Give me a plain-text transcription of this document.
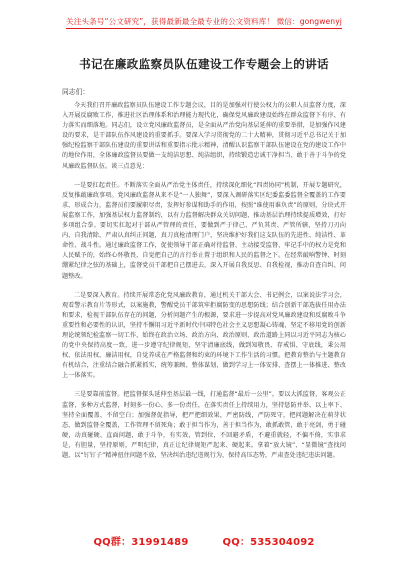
关注头条号“公文研究”，获得最新最全最专业的公文资料库！ 微信：gongwenyj
书记在廉政监察员队伍建设工作专题会上的讲话
同志们：

今天我们召开廉政监察员队伍建设工作专题会议，目的是加强对行使公权力的公职人员监督力度，深入开展反腐败工作，推进社区治理体系和治理能力现代化，确保党风廉政建设始终在群众监督下有序、有力落实而细落地。同志们，设立党风廉政监督员，是全面从严治党向基层延伸的重要举措，是加强作风建设的要求，是干部队伍作风建设的重要抓手。要深入学习贯彻党的二十大精神，贯彻习近平总书记关于加强纪检监察干部队伍建设的重要讲话和重要指示批示精神，清醒认识监察干部队伍建设在党的建设工作中的地位作用，全体廉政监督员要做一支纯洁思想、纯洁组织，持续锻造忠诚干净担当、敢于善于斗争的党风廉政监督队伍。谈三点意见：

一是要扛起责任。不断落实全面从严治党主体责任，持续深化细化“四责协同”机制，开展专题研究，反复推敲廉政事项。党风廉政监督从来不是“一人独舞”，要深入调研落实区纪委监委监督全覆盖的工作要求，形成合力，监督员们要履职尽责，发挥好参谋和助手的作用，按照“谁使用谁负责”的原则，分块式开展监察工作，加强基层权力监督制约，以有力监督解决群众关切问题，推动基层治理持续提质增效，打好多项组合拳。要切实扛起对于部从严管理的责任，要做到严于律己、严负其责、严管所辖，坚持刀刃向内、自我清除、严肃认真纠正问题，真刀真枪清理门户，坚决维护好我们这支队伍的先进性、纯洁性、革命性、战斗性。通过廉政监督工作，促使领导干部正确对待监督、主动接受监督，牢记手中的权力是党和人民赋予的，始终心怀敬畏，自觉把自己的言行举止置于组织和人民的监督之下。在经常敲响警钟、时刻绷紧纪律之弦的基础上，监督党员干部把自己摆进去，深入开展自我反思、自我检视，推动自查自纠、问题整改。

二是要深入教育。持续开展常态化党风廉政教育，通过机关干部大会、书记例会，以案说法学习会，观看警示教育片等形式，以案施教，警醒党员干部筑牢拒腐防变的思想防线；结合创新干部选拔任用办法和要求，检视干部队伍存在的问题，分析问题产生的根源，要求进一步提高对党风廉政建设和反腐败斗争重要性和必要性的认识，坚持不懈用习近平新时代中国特色社会主义思想凝心铸魂，坚定不移用党的创新理论统领纪检监察一切工作，始终在政治立场、政治方向、政治原则、政治道路上同以习近平同志为核心的党中央保持高度一致，进一步遵守纪律规矩，坚守清廉底线，做到知敬畏、存戒惧、守底线，秉公用权、依法用权、廉洁用权，自觉养成在严格监督和约束的环境下工作生活的习惯。把教育整治与主题教育有机结合，注重结合融合抓紧抓实，统筹兼顾、整体谋划，做到学习上一体安排、查摆上一体推进、整改上一体落实。

三是要靠前监督。把监督探头延伸至基层最一线，打通监督“最后一公里”。要以大抓监督，客观公正监督，多种方式监督，时刻多一份心、多一份责任，在落实责任上持续用力，坚持惩防并举、以上率下、坚持全面覆盖、不留空白；加强督促指导，把严把细效果，严密防线，严防死守，把问题解决在萌芽状态，做到监督全覆盖，工作管理不留死角；敢于担当作为，善于担当作为，敢抓敢管，敢于亮剑，勇于碰硬，动真碰硬、直面问题，敢于斗争，有实效，管到位，不回避矛盾，不避重就轻，不偏不倚，实事求是，有胆量，坚持原则，严明纪律，真正让纪律规矩严起来、硬起来。拿着“放大镜”、“显微镜”查找问题，以“钉钉子”精神扭住问题不放，坚决纠治违纪违规行为，保持高压态势，严肃查处违纪违法问题。

QQ群：31991489	QQ：535304092
